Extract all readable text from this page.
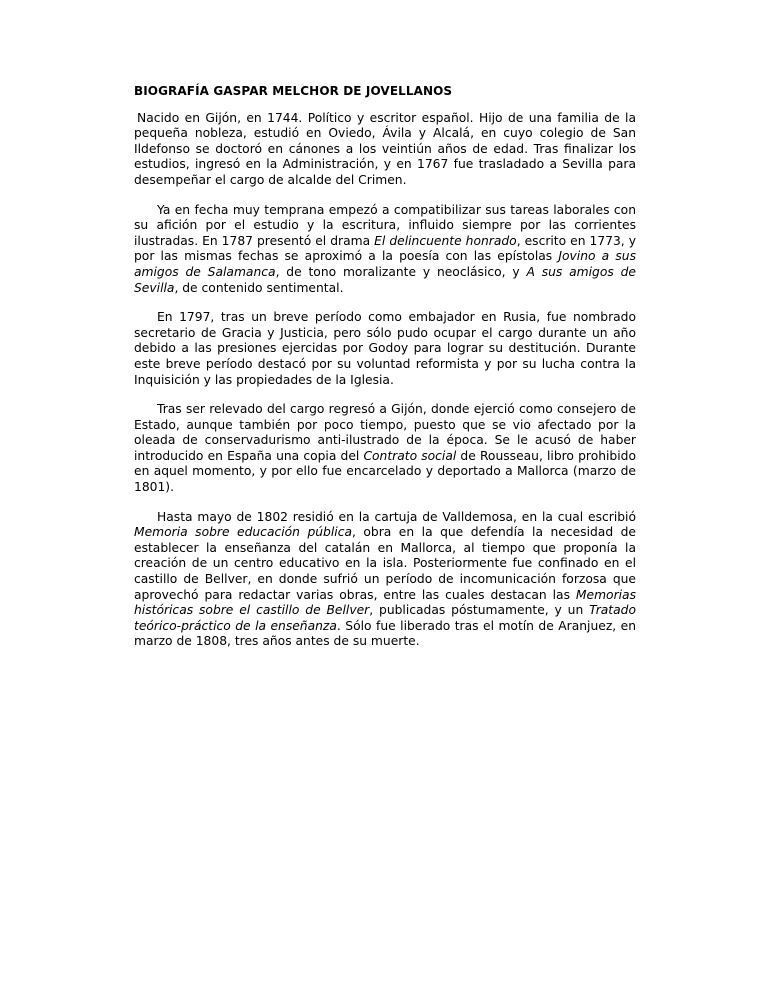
BIOGRAFÍA GASPAR MELCHOR DE JOVELLANOS

Nacido en Gijón, en 1744. Político y escritor español. Hijo de una familia de la pequeña nobleza, estudió en Oviedo, Ávila y Alcalá, en cuyo colegio de San Ildefonso se doctoró en cánones a los veintiún años de edad. Tras finalizar los estudios, ingresó en la Administración, y en 1767 fue trasladado a Sevilla para desempeñar el cargo de alcalde del Crimen.

Ya en fecha muy temprana empezó a compatibilizar sus tareas laborales con su afición por el estudio y la escritura, influido siempre por las corrientes ilustradas. En 1787 presentó el drama El delincuente honrado, escrito en 1773, y por las mismas fechas se aproximó a la poesía con las epístolas Jovino a sus amigos de Salamanca, de tono moralizante y neoclásico, y A sus amigos de Sevilla, de contenido sentimental.

En 1797, tras un breve período como embajador en Rusia, fue nombrado secretario de Gracia y Justicia, pero sólo pudo ocupar el cargo durante un año debido a las presiones ejercidas por Godoy para lograr su destitución. Durante este breve período destacó por su voluntad reformista y por su lucha contra la Inquisición y las propiedades de la Iglesia.

Tras ser relevado del cargo regresó a Gijón, donde ejerció como consejero de Estado, aunque también por poco tiempo, puesto que se vio afectado por la oleada de conservadurismo anti-ilustrado de la época. Se le acusó de haber introducido en España una copia del Contrato social de Rousseau, libro prohibido en aquel momento, y por ello fue encarcelado y deportado a Mallorca (marzo de 1801).

Hasta mayo de 1802 residió en la cartuja de Valldemosa, en la cual escribió Memoria sobre educación pública, obra en la que defendía la necesidad de establecer la enseñanza del catalán en Mallorca, al tiempo que proponía la creación de un centro educativo en la isla. Posteriormente fue confinado en el castillo de Bellver, en donde sufrió un período de incomunicación forzosa que aprovechó para redactar varias obras, entre las cuales destacan las Memorias históricas sobre el castillo de Bellver, publicadas póstumamente, y un Tratado teórico-práctico de la enseñanza. Sólo fue liberado tras el motín de Aranjuez, en marzo de 1808, tres años antes de su muerte.
